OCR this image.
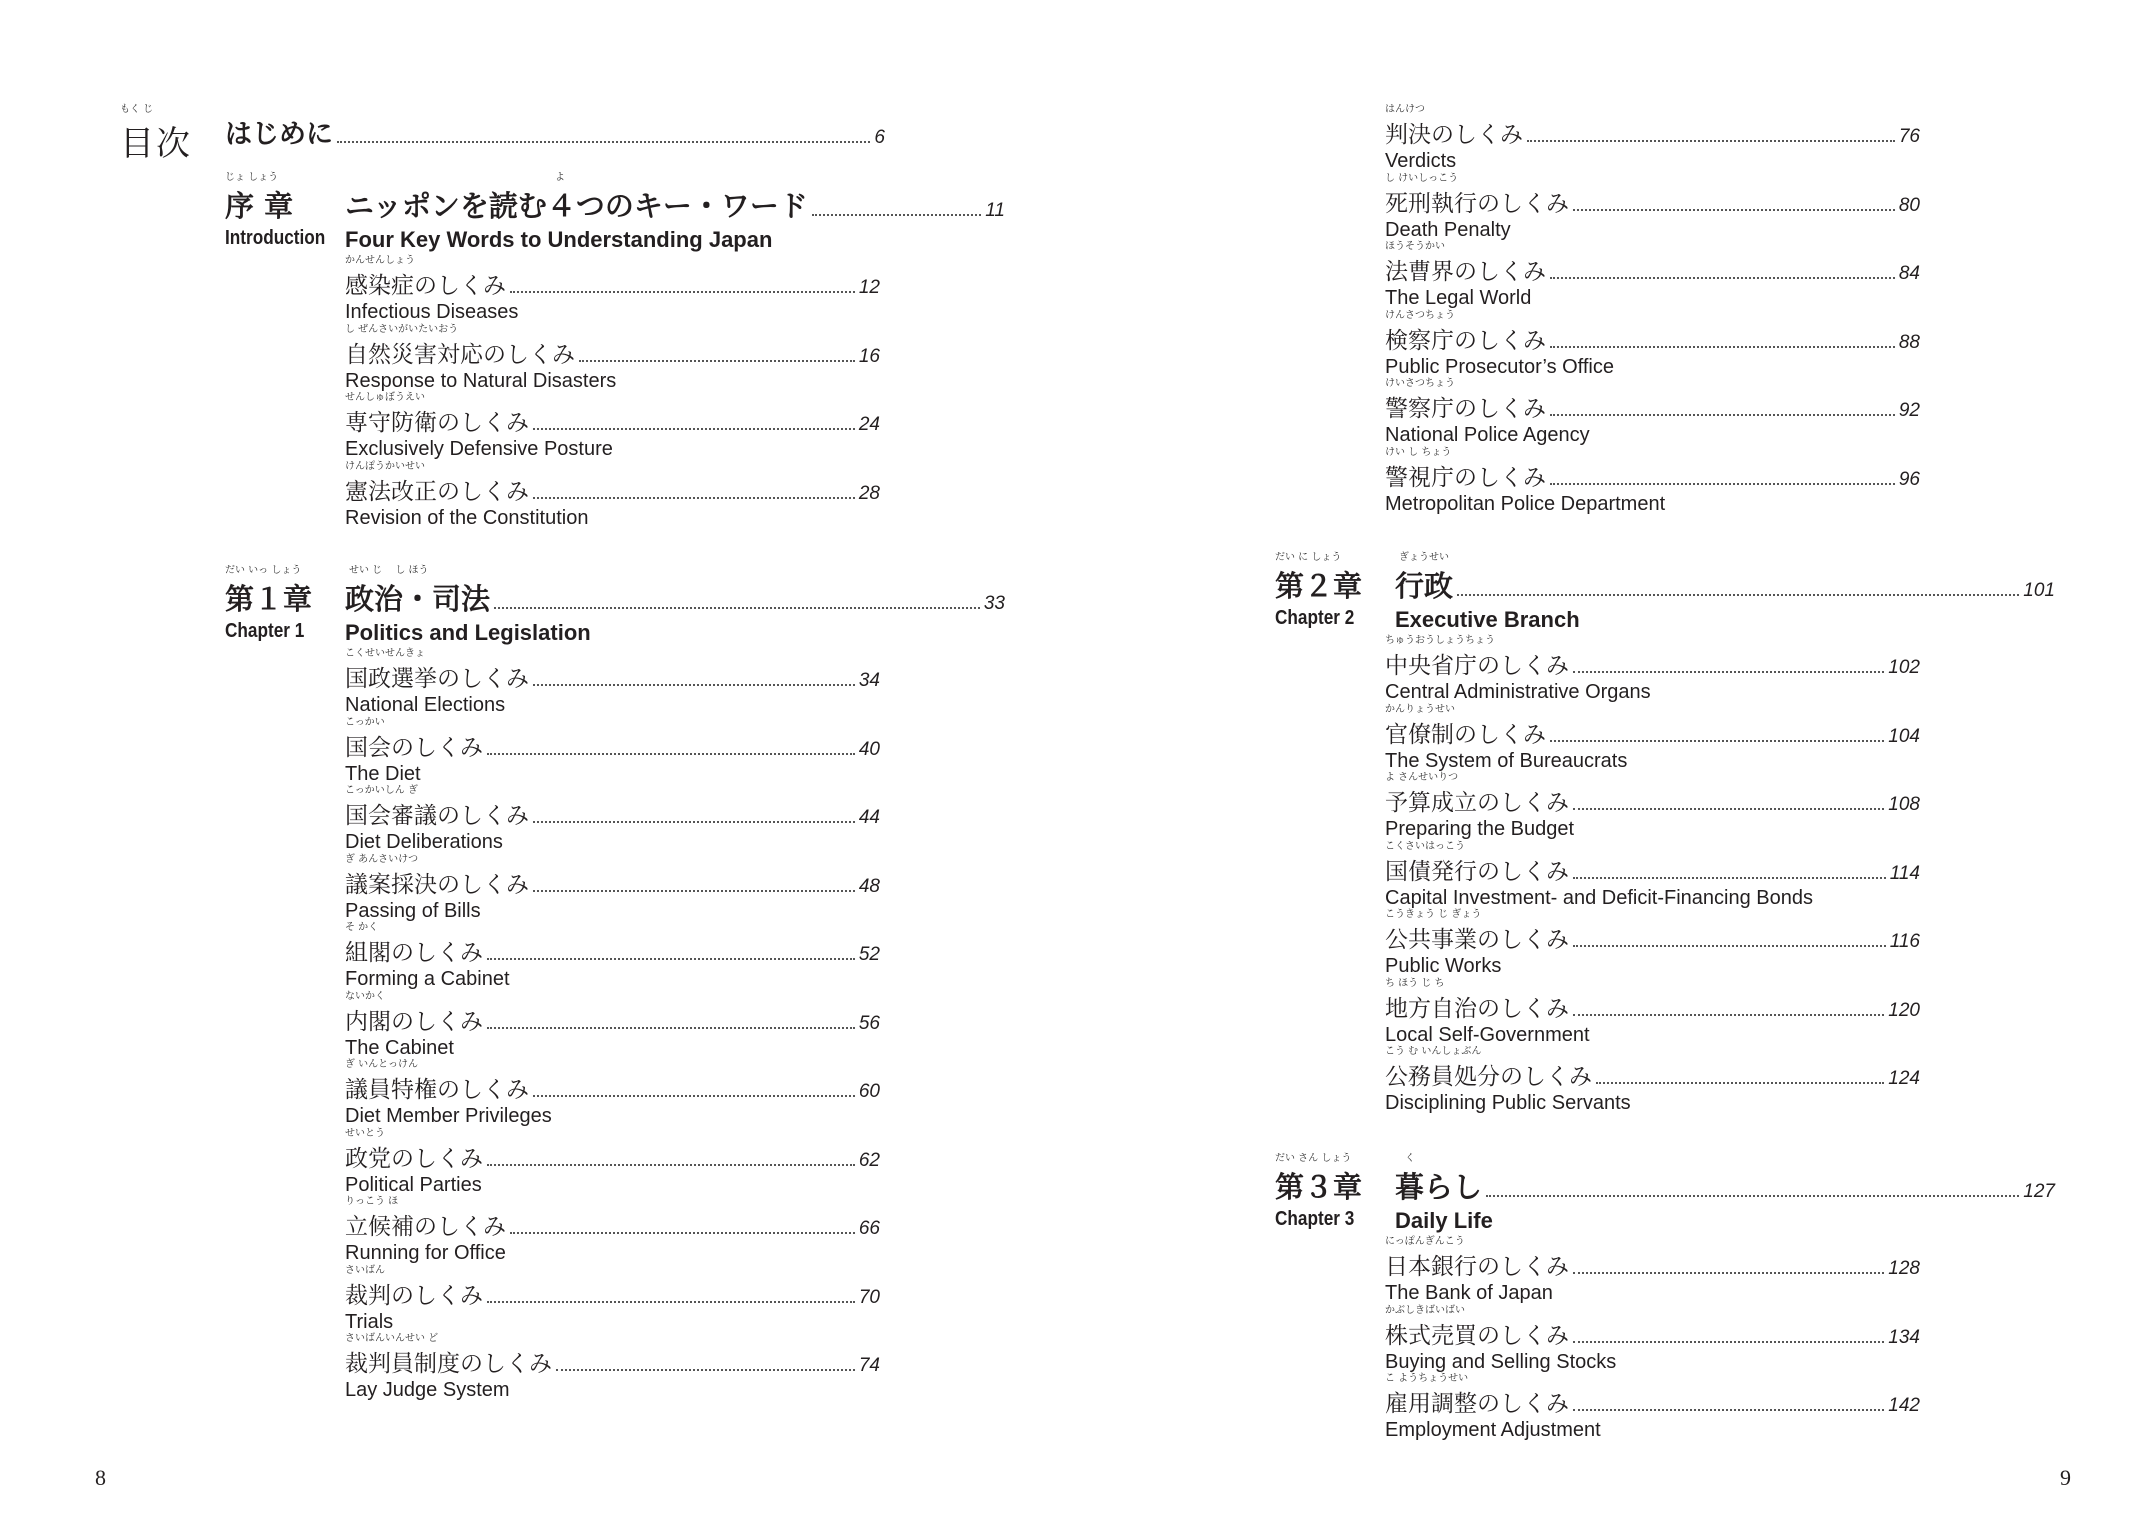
もく じ
目次	はじめに	6
じょ しょう
序 章
Introduction
よ
ニッポンを読む４つのキー・ワード	11
Four Key Words to Understanding Japan
かんせんしょう
感染症のしくみ	12
Infectious Diseases
し ぜんさいがいたいおう
自然災害対応のしくみ	16
Response to Natural Disasters
せんしゅぼうえい
専守防衛のしくみ	24
Exclusively Defensive Posture
けんぽうかいせい
憲法改正のしくみ	28
Revision of the Constitution
だい いっ しょう
第１章
Chapter 1
せい じ 　し ほう
政治・司法	33
Politics and Legislation
こくせいせんきょ
国政選挙のしくみ	34
National Elections
こっかい
国会のしくみ	40
The Diet
こっかいしん ぎ
国会審議のしくみ	44
Diet Deliberations
ぎ あんさいけつ
議案採決のしくみ	48
Passing of Bills
そ かく
組閣のしくみ	52
Forming a Cabinet
ないかく
内閣のしくみ	56
The Cabinet
ぎ いんとっけん
議員特権のしくみ	60
Diet Member Privileges
せいとう
政党のしくみ	62
Political Parties
りっこう ほ
立候補のしくみ	66
Running for Office
さいばん
裁判のしくみ	70
Trials
さいばんいんせい ど
裁判員制度のしくみ	74
Lay Judge System
8
はんけつ
判決のしくみ	76
Verdicts
し けいしっこう
死刑執行のしくみ	80
Death Penalty
ほうそうかい
法曹界のしくみ	84
The Legal World
けんさつちょう
検察庁のしくみ	88
Public Prosecutor’s Office
けいさつちょう
警察庁のしくみ	92
National Police Agency
けい し ちょう
警視庁のしくみ	96
Metropolitan Police Department
だい に しょう
第２章
Chapter 2
ぎょうせい
行政	101
Executive Branch
ちゅうおうしょうちょう
中央省庁のしくみ	102
Central Administrative Organs
かんりょうせい
官僚制のしくみ	104
The System of Bureaucrats
よ さんせいりつ
予算成立のしくみ	108
Preparing the Budget
こくさいはっこう
国債発行のしくみ	114
Capital Investment- and Deficit-Financing Bonds
こうきょう じ ぎょう
公共事業のしくみ	116
Public Works
ち ほう じ ち
地方自治のしくみ	120
Local Self-Government
こう む いんしょぶん
公務員処分のしくみ	124
Disciplining Public Servants
だい さん しょう
第３章
Chapter 3
く
暮らし	127
Daily Life
にっぽんぎんこう
日本銀行のしくみ	128
The Bank of Japan
かぶしきばいばい
株式売買のしくみ	134
Buying and Selling Stocks
こ ようちょうせい
雇用調整のしくみ	142
Employment Adjustment
9
